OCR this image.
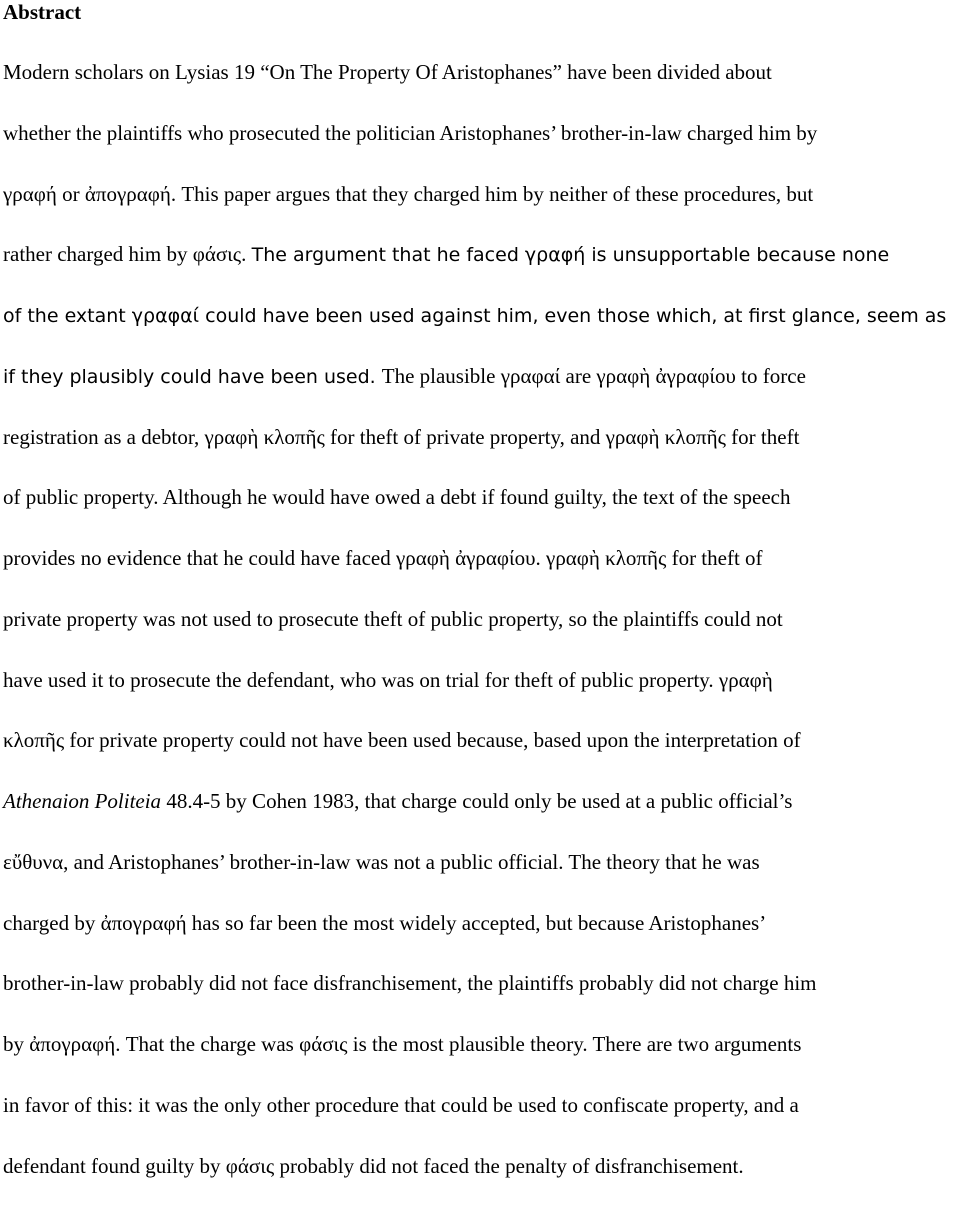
Abstract
Modern scholars on Lysias 19 “On The Property Of Aristophanes” have been divided about
whether the plaintiffs who prosecuted the politician Aristophanes’ brother-in-law charged him by
γραφή or ἀπογραφή. This paper argues that they charged him by neither of these procedures, but
rather charged him by φάσις. The argument that he faced γραφή is unsupportable because none
of the extant γραφαί could have been used against him, even those which, at first glance, seem as
if they plausibly could have been used. The plausible γραφαί are γραφὴ ἀγραφίου to force
registration as a debtor, γραφὴ κλοπῆς for theft of private property, and γραφὴ κλοπῆς for theft
of public property. Although he would have owed a debt if found guilty, the text of the speech
provides no evidence that he could have faced γραφὴ ἀγραφίου. γραφὴ κλοπῆς for theft of
private property was not used to prosecute theft of public property, so the plaintiffs could not
have used it to prosecute the defendant, who was on trial for theft of public property. γραφὴ
κλοπῆς for private property could not have been used because, based upon the interpretation of
Athenaion Politeia 48.4-5 by Cohen 1983, that charge could only be used at a public official’s
εὔθυνα, and Aristophanes’ brother-in-law was not a public official. The theory that he was
charged by ἀπογραφή has so far been the most widely accepted, but because Aristophanes’
brother-in-law probably did not face disfranchisement, the plaintiffs probably did not charge him
by ἀπογραφή. That the charge was φάσις is the most plausible theory. There are two arguments
in favor of this: it was the only other procedure that could be used to confiscate property, and a
defendant found guilty by φάσις probably did not faced the penalty of disfranchisement.
